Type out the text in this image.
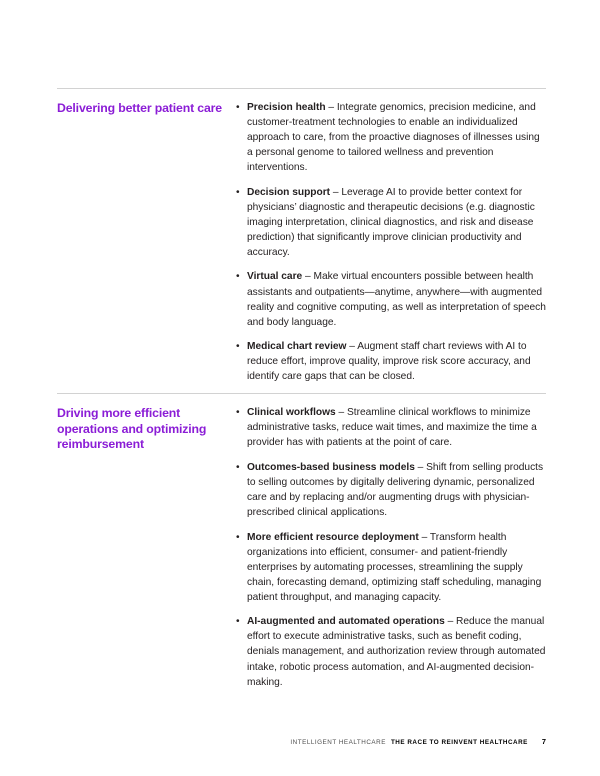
Delivering better patient care	• Precision health – Integrate genomics, precision medicine, and customer-treatment technologies to enable an individualized approach to care, from the proactive diagnoses of illnesses using a personal genome to tailored wellness and prevention interventions.
• Decision support – Leverage AI to provide better context for physicians’ diagnostic and therapeutic decisions (e.g. diagnostic imaging interpretation, clinical diagnostics, and risk and disease prediction) that significantly improve clinician productivity and accuracy.
• Virtual care – Make virtual encounters possible between health assistants and outpatients—anytime, anywhere—with augmented reality and cognitive computing, as well as interpretation of speech and body language.
• Medical chart review – Augment staff chart reviews with AI to reduce effort, improve quality, improve risk score accuracy, and identify care gaps that can be closed.
Driving more efficient operations and optimizing reimbursement
• Clinical workflows – Streamline clinical workflows to minimize administrative tasks, reduce wait times, and maximize the time a provider has with patients at the point of care.
• Outcomes-based business models – Shift from selling products to selling outcomes by digitally delivering dynamic, personalized care and by replacing and/or augmenting drugs with physician-prescribed clinical applications.
• More efficient resource deployment – Transform health organizations into efficient, consumer- and patient-friendly enterprises by automating processes, streamlining the supply chain, forecasting demand, optimizing staff scheduling, managing patient throughput, and managing capacity.
• AI-augmented and automated operations – Reduce the manual effort to execute administrative tasks, such as benefit coding, denials management, and authorization review through automated intake, robotic process automation, and AI-augmented decision-making.
INTELLIGENT HEALTHCARE THE RACE TO REINVENT HEALTHCARE 7
